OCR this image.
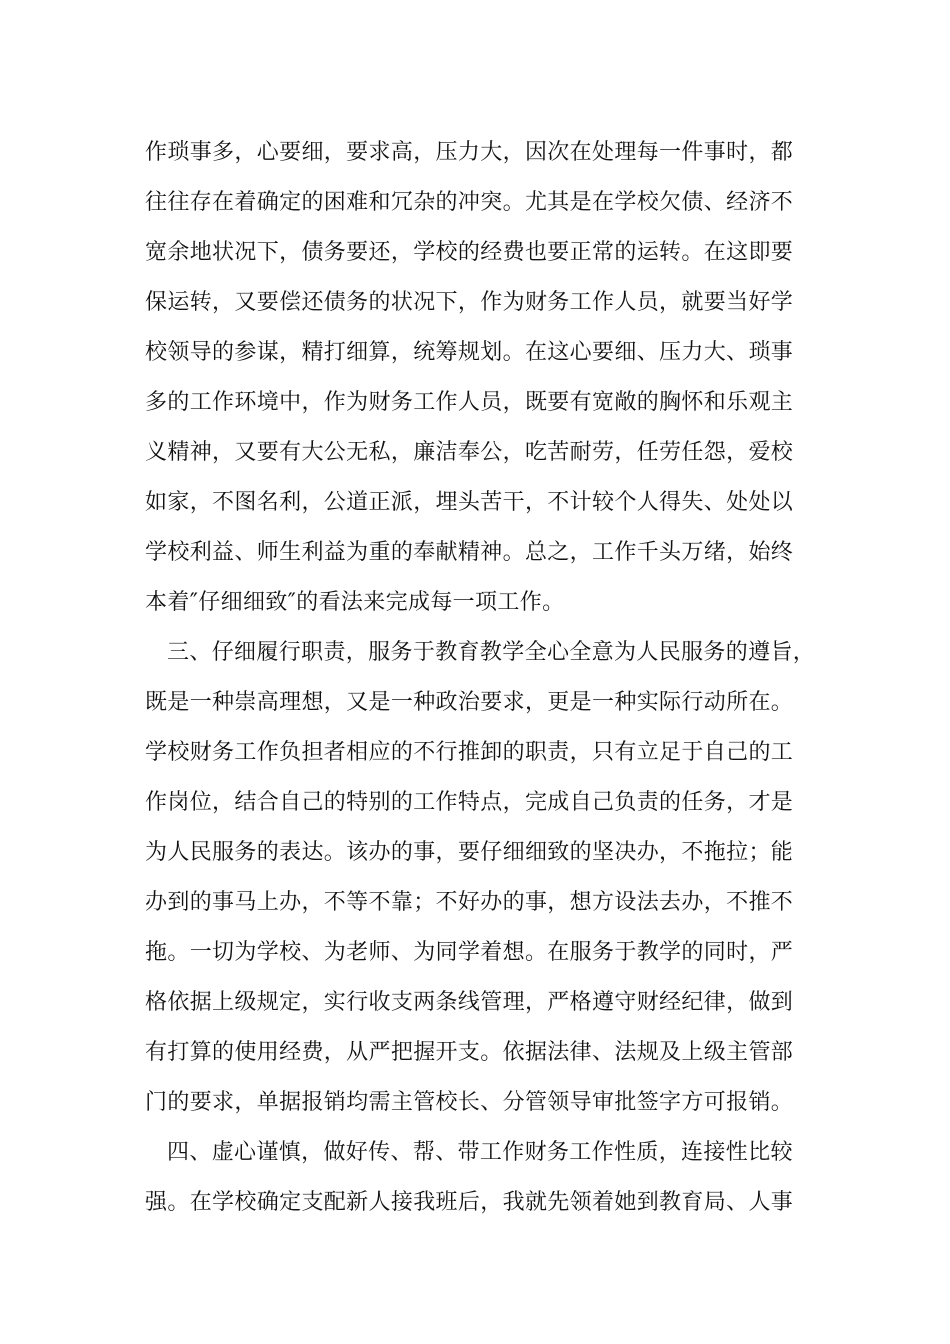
作琐事多，心要细，要求高，压力大，因次在处理每一件事时，都
往往存在着确定的困难和冗杂的冲突。尤其是在学校欠债、经济不
宽余地状况下，债务要还，学校的经费也要正常的运转。在这即要
保运转，又要偿还债务的状况下，作为财务工作人员，就要当好学
校领导的参谋，精打细算，统筹规划。在这心要细、压力大、琐事
多的工作环境中，作为财务工作人员，既要有宽敞的胸怀和乐观主
义精神，又要有大公无私，廉洁奉公，吃苦耐劳，任劳任怨，爱校
如家，不图名利，公道正派，埋头苦干，不计较个人得失、处处以
学校利益、师生利益为重的奉献精神。总之，工作千头万绪，始终
本着″仔细细致″的看法来完成每一项工作。
三、仔细履行职责，服务于教育教学全心全意为人民服务的遵旨，
既是一种崇高理想，又是一种政治要求，更是一种实际行动所在。
学校财务工作负担者相应的不行推卸的职责，只有立足于自己的工
作岗位，结合自己的特别的工作特点，完成自己负责的任务，才是
为人民服务的表达。该办的事，要仔细细致的坚决办，不拖拉；能
办到的事马上办，不等不靠；不好办的事，想方设法去办，不推不
拖。一切为学校、为老师、为同学着想。在服务于教学的同时，严
格依据上级规定，实行收支两条线管理，严格遵守财经纪律，做到
有打算的使用经费，从严把握开支。依据法律、法规及上级主管部
门的要求，单据报销均需主管校长、分管领导审批签字方可报销。
四、虚心谨慎，做好传、帮、带工作财务工作性质，连接性比较
强。在学校确定支配新人接我班后，我就先领着她到教育局、人事
